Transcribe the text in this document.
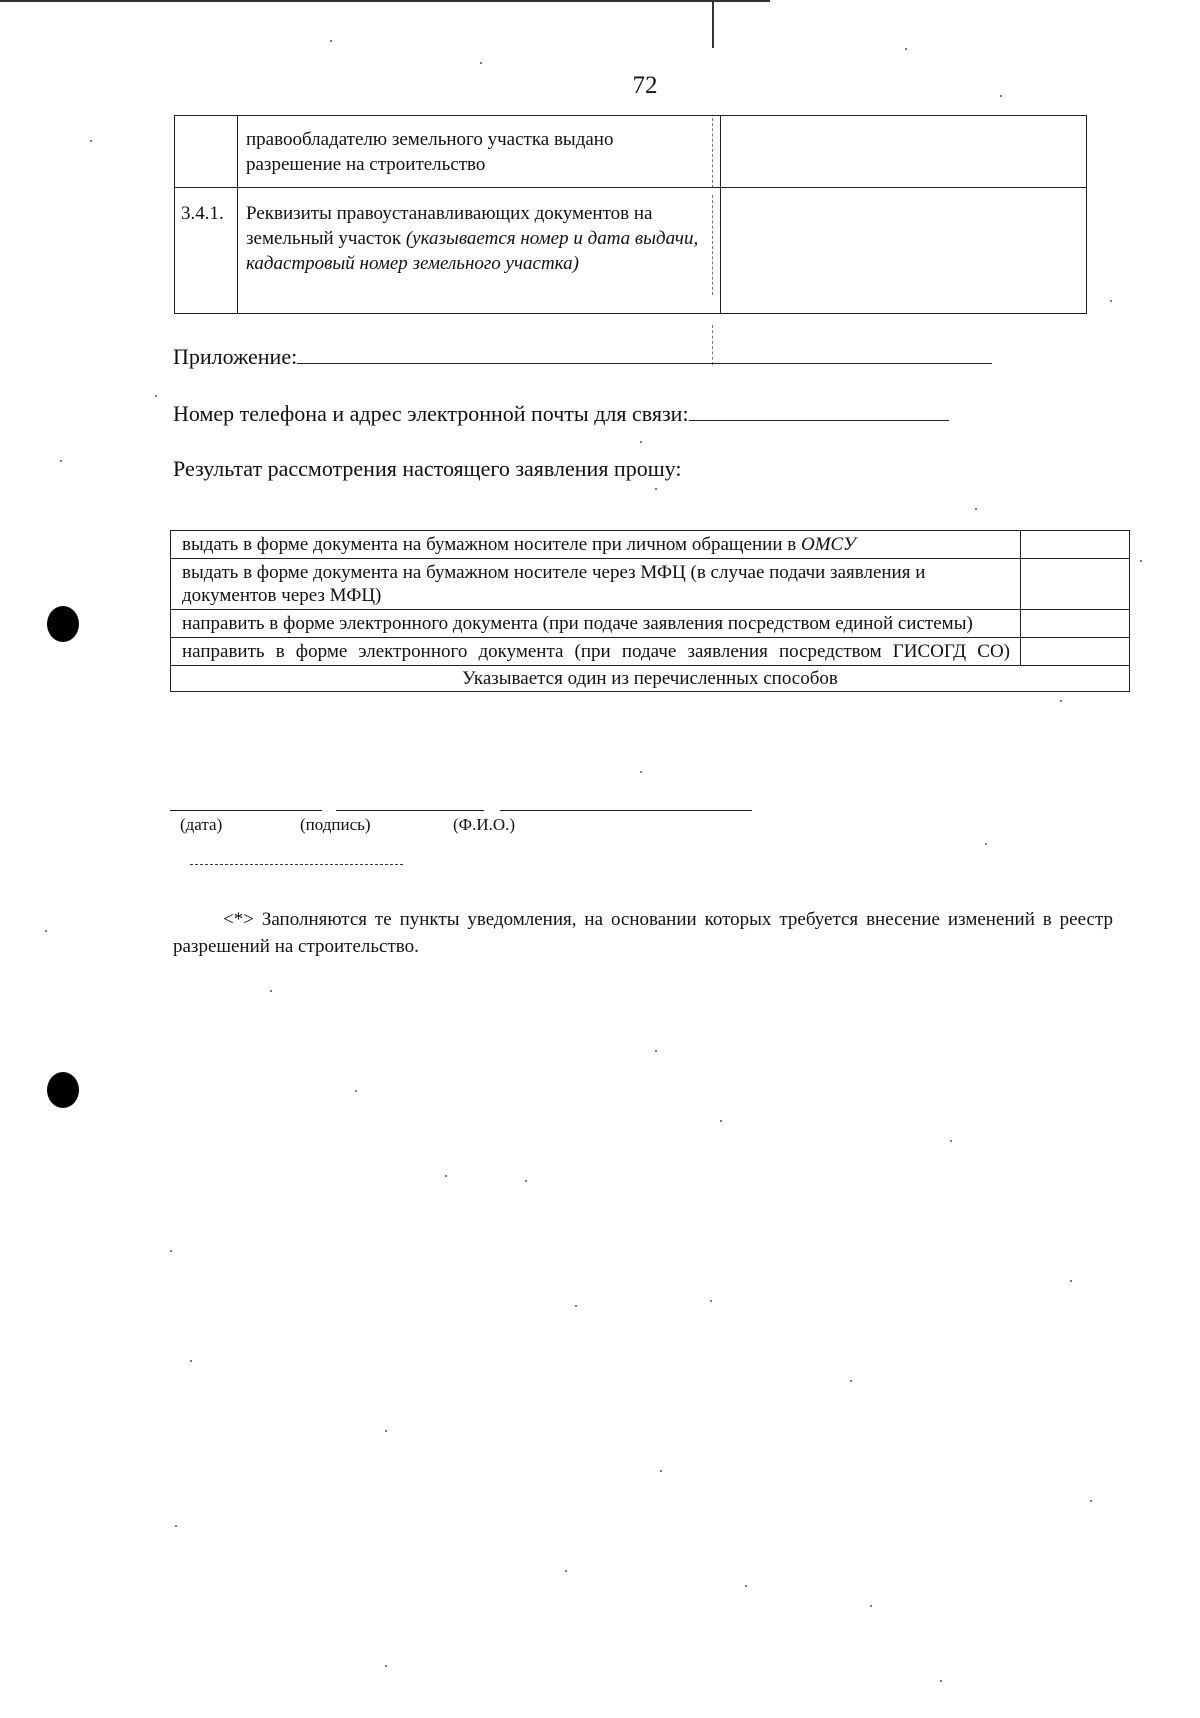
72
	правообладателю земельного участка выдано разрешение на строительство	
3.4.1.	Реквизиты правоустанавливающих документов на земельный участок (указывается номер и дата выдачи, кадастровый номер земельного участка)	
Приложение:
Номер телефона и адрес электронной почты для связи:
Результат рассмотрения настоящего заявления прошу:
выдать в форме документа на бумажном носителе при личном обращении в ОМСУ	
выдать в форме документа на бумажном носителе через МФЦ (в случае подачи заявления и документов через МФЦ)	
направить в форме электронного документа (при подаче заявления посредством единой системы)	
направить в форме электронного документа (при подаче заявления посредством ГИСОГД СО)	
Указывается один из перечисленных способов	
(дата)	(подпись)	(Ф.И.О.)
<*> Заполняются те пункты уведомления, на основании которых требуется внесение изменений в реестр разрешений на строительство.
